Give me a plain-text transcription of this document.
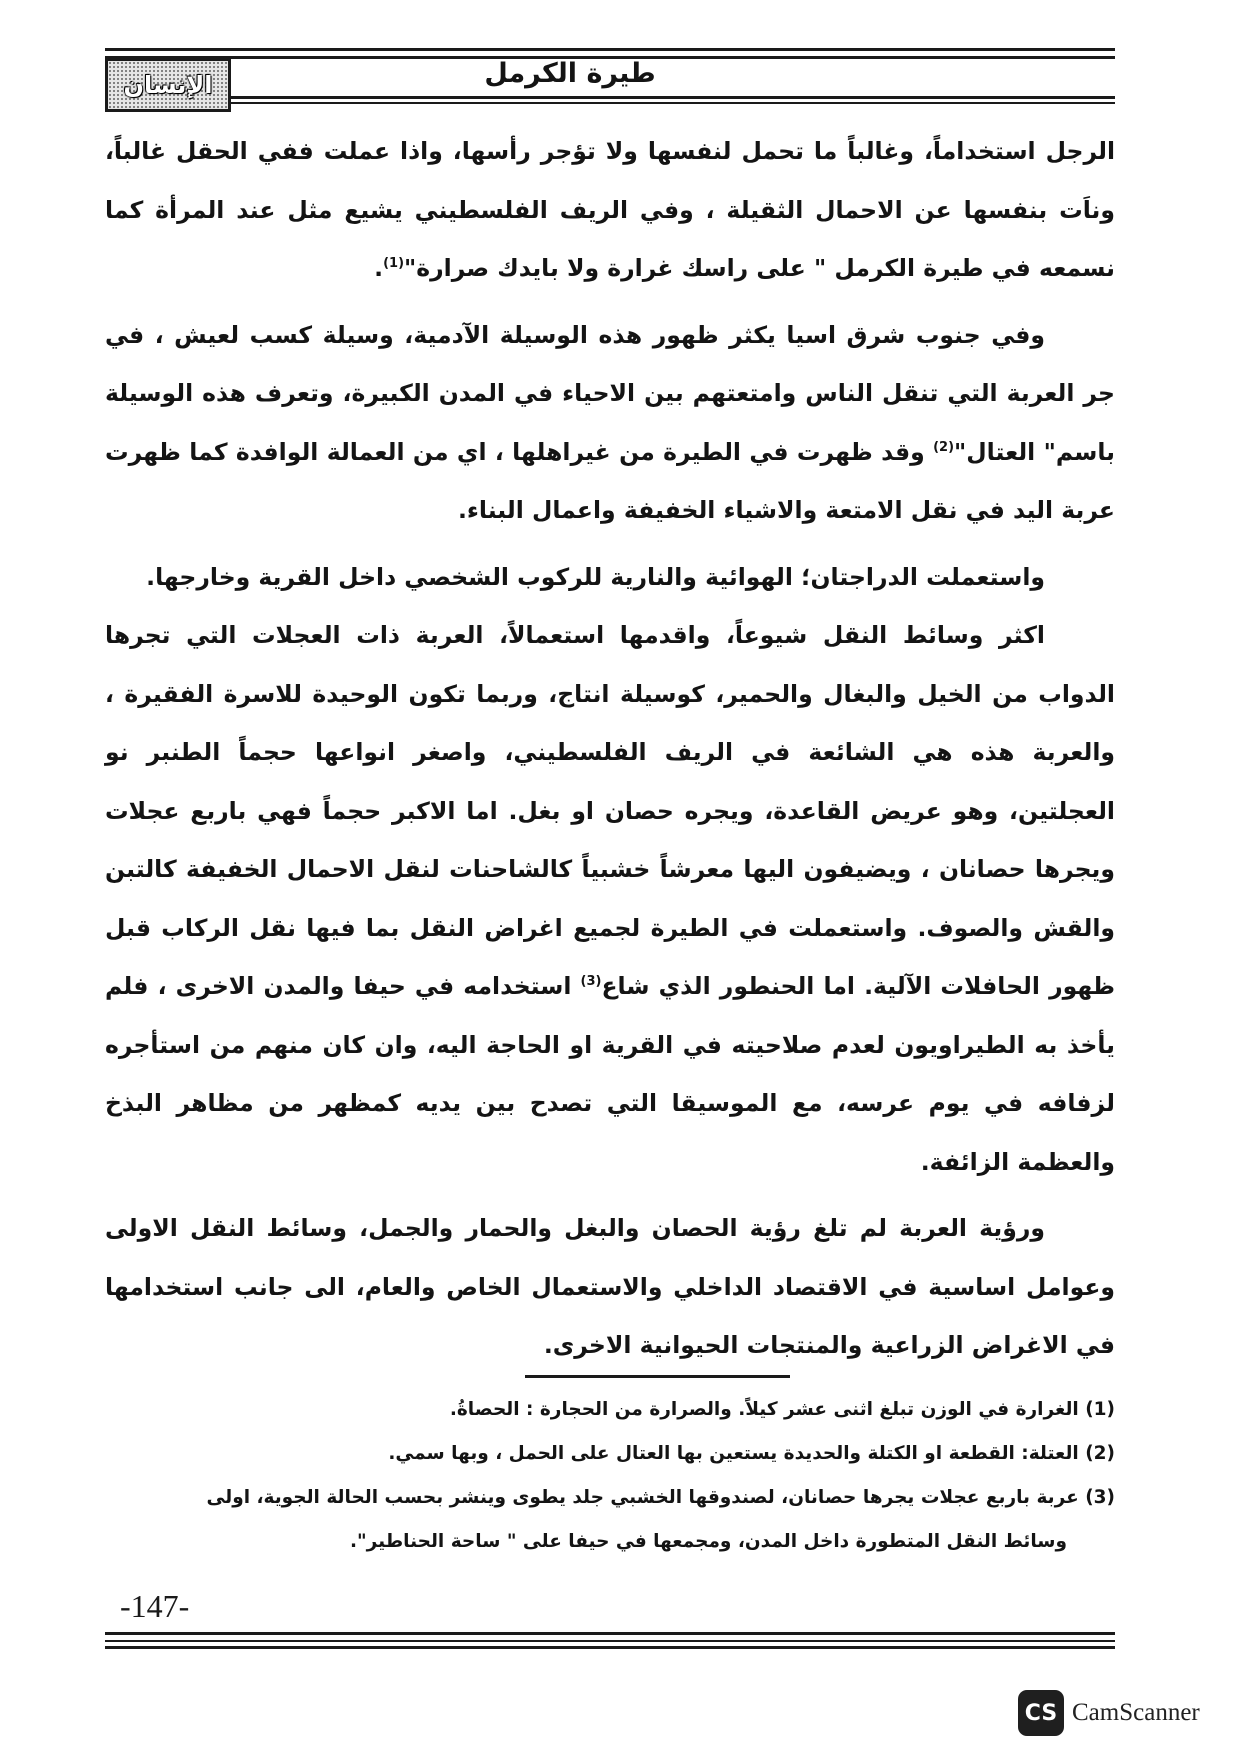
الإنسان	طيرة الكرمل

الرجل استخداماً، وغالباً ما تحمل لنفسها ولا تؤجر رأسها، واذا عملت ففي الحقل غالباً، وناَت بنفسها عن الاحمال الثقيلة ، وفي الريف الفلسطيني يشيع مثل عند المرأة كما نسمعه في طيرة الكرمل " على راسك غرارة ولا بايدك صرارة"$^{(1)}$.

وفي جنوب شرق اسيا يكثر ظهور هذه الوسيلة الآدمية، وسيلة كسب لعيش ، في جر العربة التي تنقل الناس وامتعتهم بين الاحياء في المدن الكبيرة، وتعرف هذه الوسيلة باسم" العتال"$^{(2)}$ وقد ظهرت في الطيرة من غيراهلها ، اي من العمالة الوافدة كما ظهرت عربة اليد في نقل الامتعة والاشياء الخفيفة واعمال البناء.

واستعملت الدراجتان؛ الهوائية والنارية للركوب الشخصي داخل القرية وخارجها.

اكثر وسائط النقل شيوعاً، واقدمها استعمالاً، العربة ذات العجلات التي تجرها الدواب من الخيل والبغال والحمير، كوسيلة انتاج، وربما تكون الوحيدة للاسرة الفقيرة ، والعربة هذه هي الشائعة في الريف الفلسطيني، واصغر انواعها حجماً الطنبر نو العجلتين، وهو عريض القاعدة، ويجره حصان او بغل. اما الاكبر حجماً فهي باربع عجلات ويجرها حصانان ، ويضيفون اليها معرشاً خشبياً كالشاحنات لنقل الاحمال الخفيفة كالتبن والقش والصوف. واستعملت في الطيرة لجميع اغراض النقل بما فيها نقل الركاب قبل ظهور الحافلات الآلية. اما الحنطور الذي شاع$^{(3)}$ استخدامه في حيفا والمدن الاخرى ، فلم يأخذ به الطيراويون لعدم صلاحيته في القرية او الحاجة اليه، وان كان منهم من استأجره لزفافه في يوم عرسه، مع الموسيقا التي تصدح بين يديه كمظهر من مظاهر البذخ والعظمة الزائفة.

ورؤية العربة لم تلغ رؤية الحصان والبغل والحمار والجمل، وسائط النقل الاولى وعوامل اساسية في الاقتصاد الداخلي والاستعمال الخاص والعام، الى جانب استخدامها في الاغراض الزراعية والمنتجات الحيوانية الاخرى.

(1) الغرارة في الوزن تبلغ اثنى عشر كيلاً. والصرارة من الحجارة : الحصاةُ.

(2) العتلة: القطعة او الكتلة والحديدة يستعين بها العتال على الحمل ، وبها سمي.

(3) عربة باربع عجلات يجرها حصانان، لصندوقها الخشبي جلد يطوى وينشر بحسب الحالة الجوية، اولى

وسائط النقل المتطورة داخل المدن، ومجمعها في حيفا على " ساحة الحناطير".

-147-
CS CamScanner
